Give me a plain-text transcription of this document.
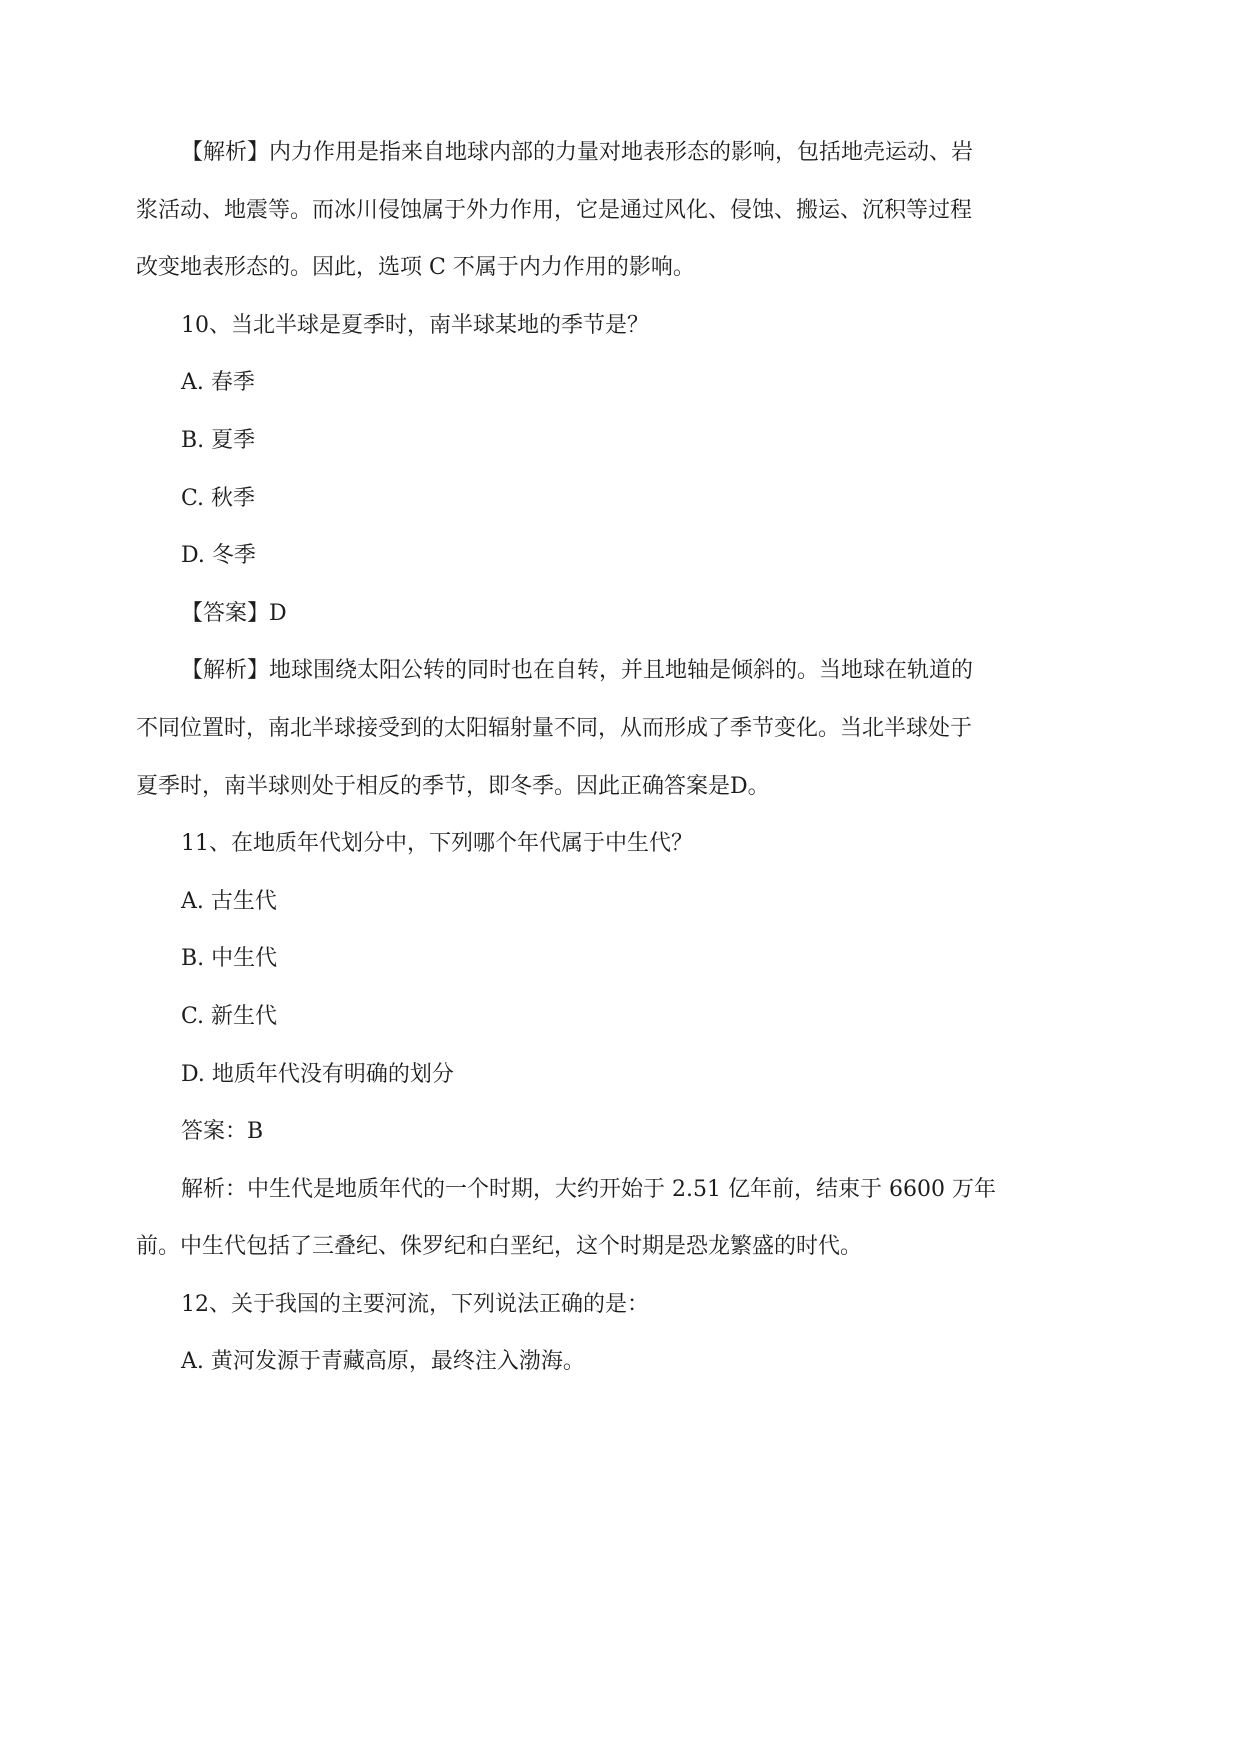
【解析】内力作用是指来自地球内部的力量对地表形态的影响，包括地壳运动、岩
浆活动、地震等。而冰川侵蚀属于外力作用，它是通过风化、侵蚀、搬运、沉积等过程
改变地表形态的。因此，选项 C 不属于内力作用的影响。
10、当北半球是夏季时，南半球某地的季节是？
A. 春季
B. 夏季
C. 秋季
D. 冬季
【答案】D
【解析】地球围绕太阳公转的同时也在自转，并且地轴是倾斜的。当地球在轨道的
不同位置时，南北半球接受到的太阳辐射量不同，从而形成了季节变化。当北半球处于
夏季时，南半球则处于相反的季节，即冬季。因此正确答案是D。
11、在地质年代划分中，下列哪个年代属于中生代？
A. 古生代
B. 中生代
C. 新生代
D. 地质年代没有明确的划分
答案：B
解析：中生代是地质年代的一个时期，大约开始于 2.51 亿年前，结束于 6600 万年
前。中生代包括了三叠纪、侏罗纪和白垩纪，这个时期是恐龙繁盛的时代。
12、关于我国的主要河流，下列说法正确的是：
A. 黄河发源于青藏高原，最终注入渤海。
